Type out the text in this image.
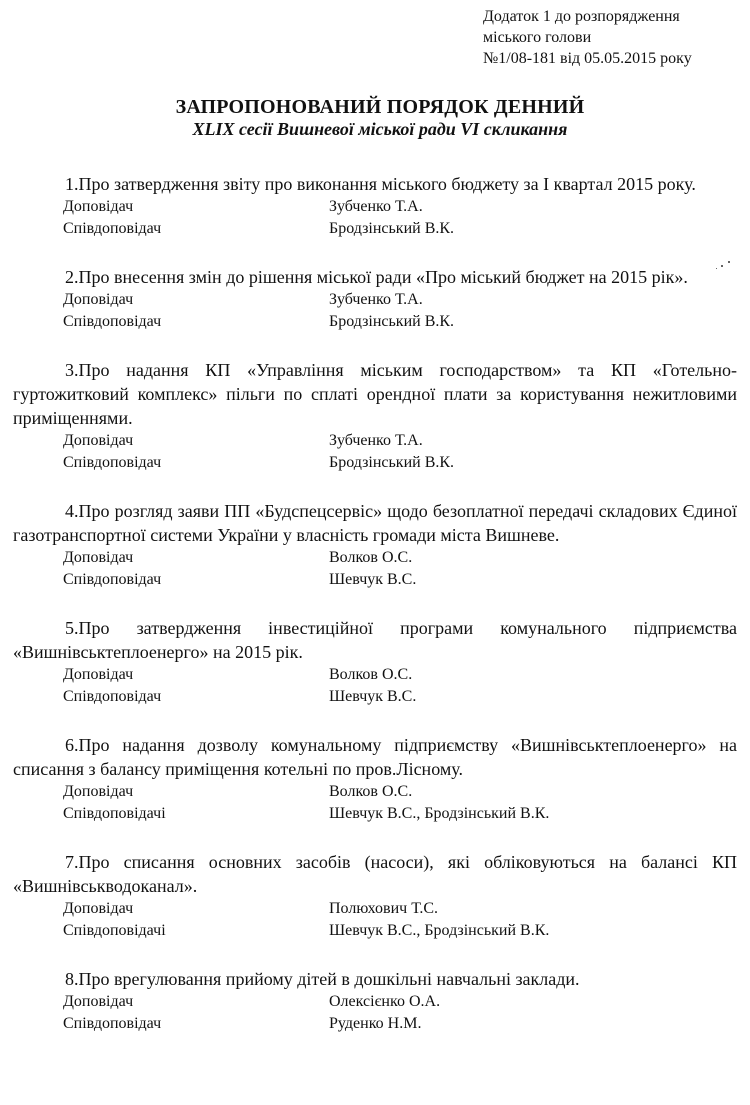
Додаток 1 до розпорядження
міського голови
№1/08-181 від 05.05.2015 року
ЗАПРОПОНОВАНИЙ ПОРЯДОК ДЕННИЙ
XLIX сесії Вишневої міської ради VI скликання
1.Про затвердження звіту про виконання міського бюджету за I квартал 2015 року.
Доповідач	Зубченко Т.А.
Співдоповідач	Бродзінський В.К.
2.Про внесення змін до рішення міської ради «Про міський бюджет на 2015 рік».
Доповідач	Зубченко Т.А.
Співдоповідач	Бродзінський В.К.
3.Про надання КП «Управління міським господарством» та КП «Готельно-гуртожитковий комплекс» пільги по сплаті орендної плати за користування нежитловими приміщеннями.
Доповідач	Зубченко Т.А.
Співдоповідач	Бродзінський В.К.
4.Про розгляд заяви ПП «Будспецсервіс» щодо безоплатної передачі складових Єдиної газотранспортної системи України у власність громади міста Вишневе.
Доповідач	Волков О.С.
Співдоповідач	Шевчук В.С.
5.Про затвердження інвестиційної програми комунального підприємства «Вишнівськтеплоенерго» на 2015 рік.
Доповідач	Волков О.С.
Співдоповідач	Шевчук В.С.
6.Про надання дозволу комунальному підприємству «Вишнівськтеплоенерго» на списання з балансу приміщення котельні по пров.Лісному.
Доповідач	Волков О.С.
Співдоповідачі	Шевчук В.С., Бродзінський В.К.
7.Про списання основних засобів (насоси), які обліковуються на балансі КП «Вишнівськводоканал».
Доповідач	Полюхович Т.С.
Співдоповідачі	Шевчук В.С., Бродзінський В.К.
8.Про врегулювання прийому дітей в дошкільні навчальні заклади.
Доповідач	Олексієнко О.А.
Співдоповідач	Руденко Н.М.
